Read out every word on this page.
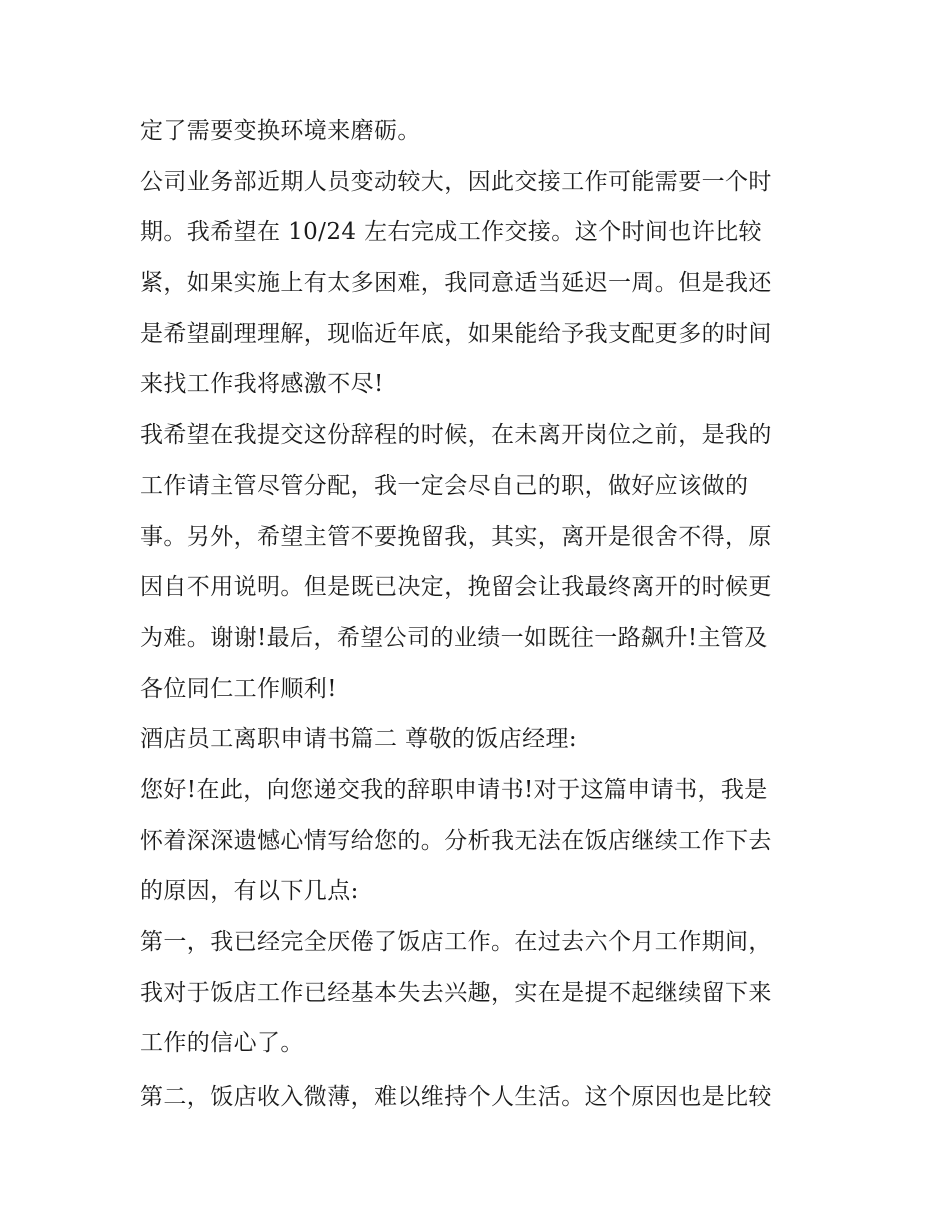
定了需要变换环境来磨砺。
公司业务部近期人员变动较大，因此交接工作可能需要一个时
期。我希望在 10/24 左右完成工作交接。这个时间也许比较
紧，如果实施上有太多困难，我同意适当延迟一周。但是我还
是希望副理理解，现临近年底，如果能给予我支配更多的时间
来找工作我将感激不尽!
我希望在我提交这份辞程的时候，在未离开岗位之前，是我的
工作请主管尽管分配，我一定会尽自己的职，做好应该做的
事。另外，希望主管不要挽留我，其实，离开是很舍不得，原
因自不用说明。但是既已决定，挽留会让我最终离开的时候更
为难。谢谢!最后，希望公司的业绩一如既往一路飙升!主管及
各位同仁工作顺利!
酒店员工离职申请书篇二 尊敬的饭店经理:
您好!在此，向您递交我的辞职申请书!对于这篇申请书，我是
怀着深深遗憾心情写给您的。分析我无法在饭店继续工作下去
的原因，有以下几点:
第一，我已经完全厌倦了饭店工作。在过去六个月工作期间，
我对于饭店工作已经基本失去兴趣，实在是提不起继续留下来
工作的信心了。
第二，饭店收入微薄，难以维持个人生活。这个原因也是比较
